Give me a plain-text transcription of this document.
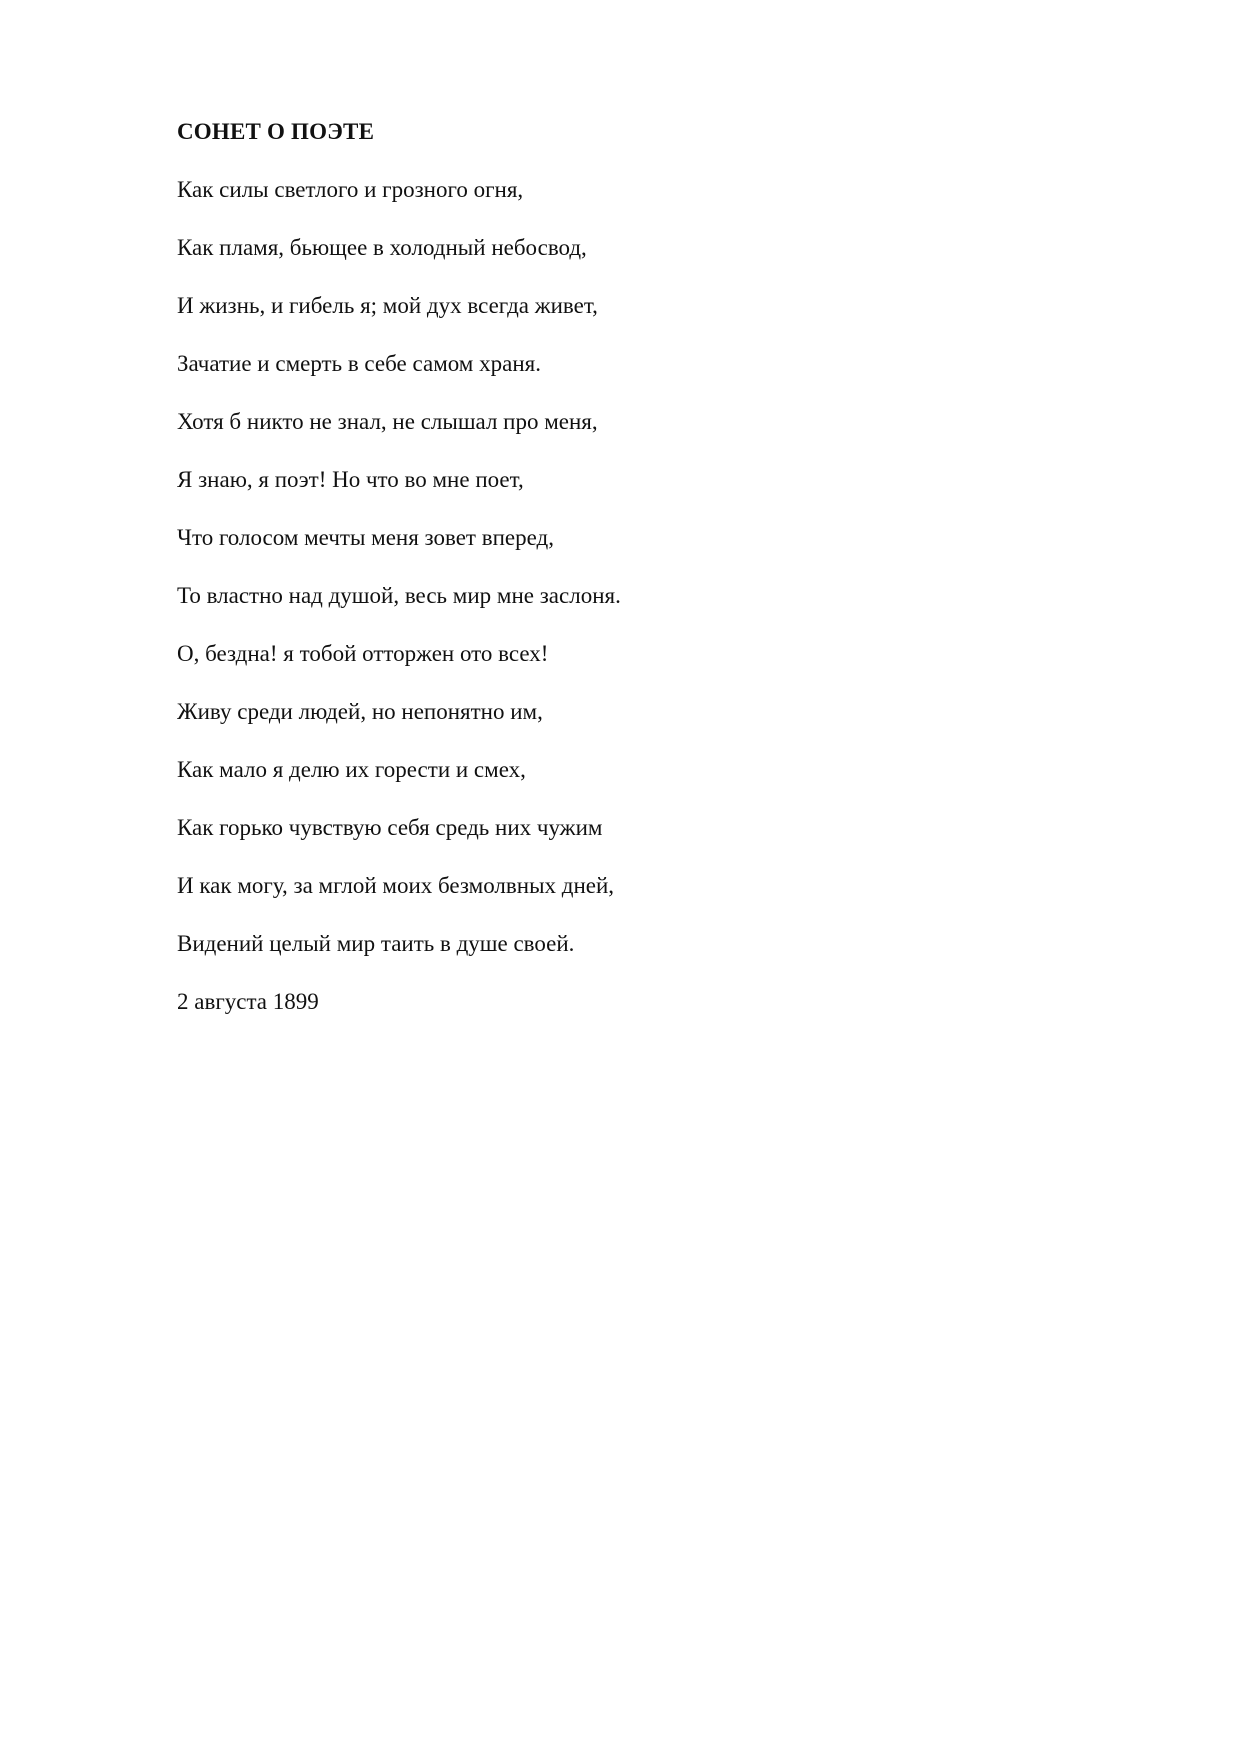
СОНЕТ О ПОЭТЕ
Как силы светлого и грозного огня,
Как пламя, бьющее в холодный небосвод,
И жизнь, и гибель я; мой дух всегда живет,
Зачатие и смерть в себе самом храня.
Хотя б никто не знал, не слышал про меня,
Я знаю, я поэт! Но что во мне поет,
Что голосом мечты меня зовет вперед,
То властно над душой, весь мир мне заслоня.
О, бездна! я тобой отторжен ото всех!
Живу среди людей, но непонятно им,
Как мало я делю их горести и смех,
Как горько чувствую себя средь них чужим
И как могу, за мглой моих безмолвных дней,
Видений целый мир таить в душе своей.

2 августа 1899
